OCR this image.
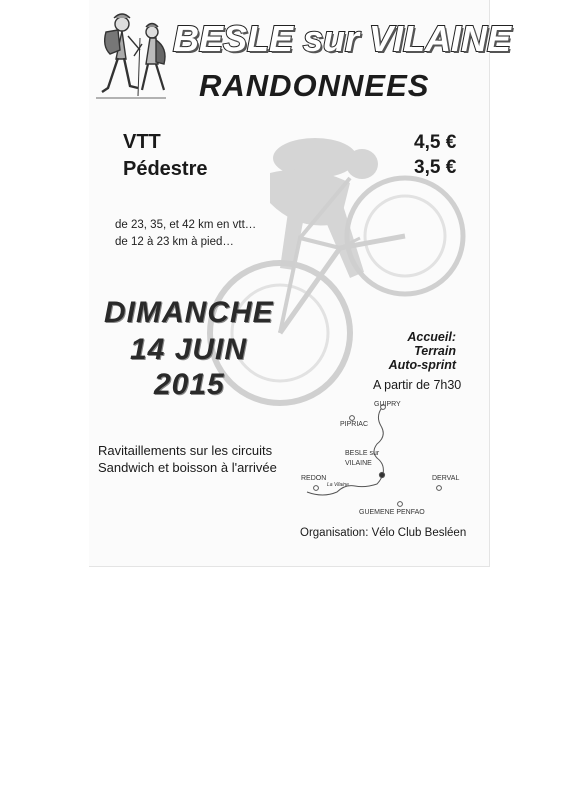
BESLE sur VILAINE
RANDONNEES
VTT	4,5 €
Pédestre	3,5 €
de 23, 35, et 42 km en vtt…
de 12 à 23 km à pied…
DIMANCHE
14 JUIN
2015
Accueil:
Terrain
Auto-sprint
A partir de 7h30
Ravitaillements sur les circuits
Sandwich et boisson à l'arrivée
GUIPRY
PIPRIAC
BESLE sur
VILAINE
REDON
La Vilaine
DERVAL
GUEMENE PENFAO
Organisation: Vélo Club Besléen
